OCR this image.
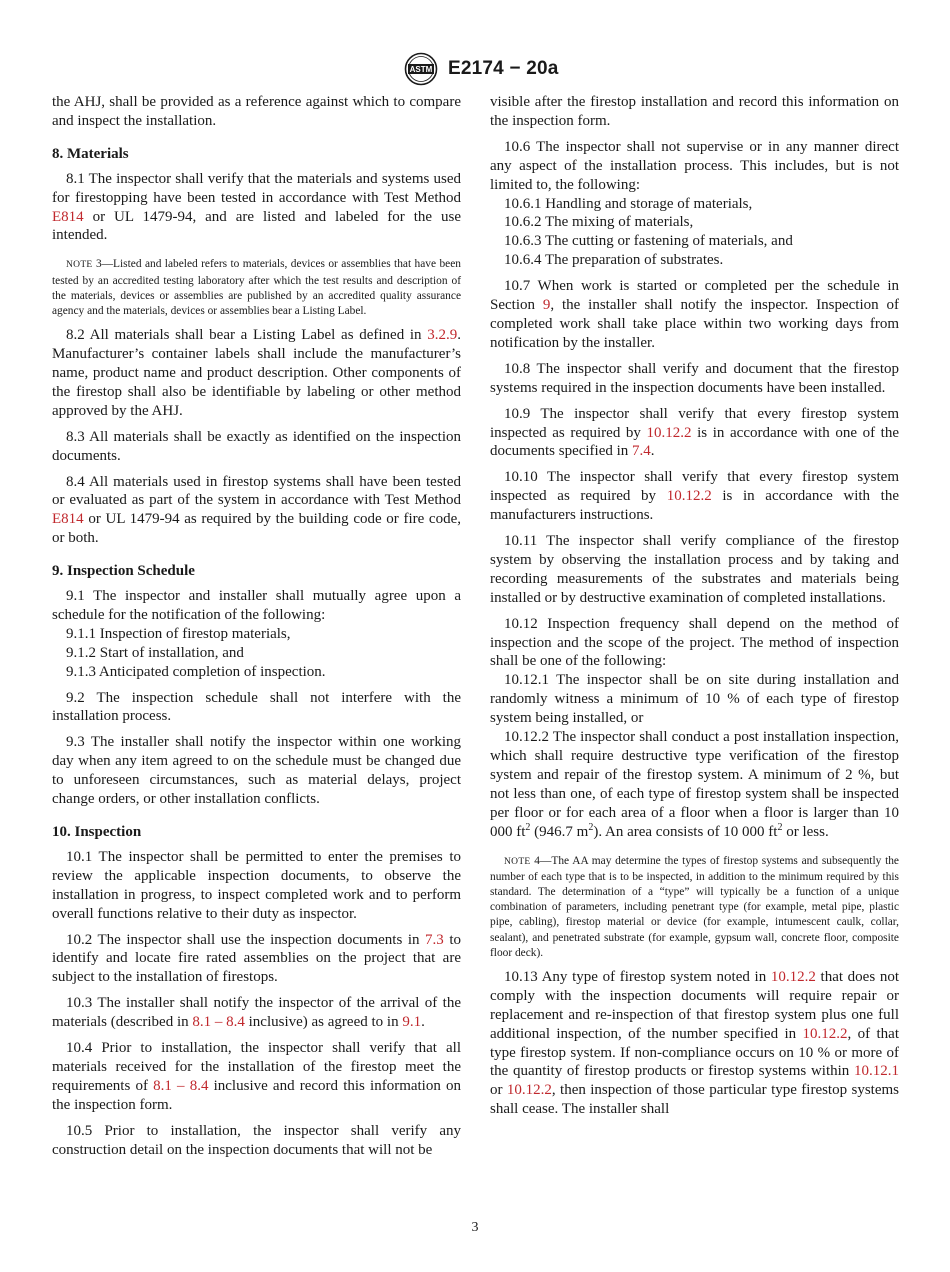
ASTM E2174 − 20a

the AHJ, shall be provided as a reference against which to compare and inspect the installation.

8. Materials

8.1 The inspector shall verify that the materials and systems used for firestopping have been tested in accordance with Test Method E814 or UL 1479-94, and are listed and labeled for the use intended.

NOTE 3—Listed and labeled refers to materials, devices or assemblies that have been tested by an accredited testing laboratory after which the test results and description of the materials, devices or assemblies are published by an accredited quality assurance agency and the materials, devices or assemblies bear a Listing Label.

8.2 All materials shall bear a Listing Label as defined in 3.2.9. Manufacturer’s container labels shall include the manufacturer’s name, product name and product description. Other components of the firestop shall also be identifiable by labeling or other method approved by the AHJ.

8.3 All materials shall be exactly as identified on the inspection documents.

8.4 All materials used in firestop systems shall have been tested or evaluated as part of the system in accordance with Test Method E814 or UL 1479-94 as required by the building code or fire code, or both.

9. Inspection Schedule

9.1 The inspector and installer shall mutually agree upon a schedule for the notification of the following:

9.1.1 Inspection of firestop materials,

9.1.2 Start of installation, and

9.1.3 Anticipated completion of inspection.

9.2 The inspection schedule shall not interfere with the installation process.

9.3 The installer shall notify the inspector within one working day when any item agreed to on the schedule must be changed due to unforeseen circumstances, such as material delays, project change orders, or other installation conflicts.

10. Inspection

10.1 The inspector shall be permitted to enter the premises to review the applicable inspection documents, to observe the installation in progress, to inspect completed work and to perform overall functions relative to their duty as inspector.

10.2 The inspector shall use the inspection documents in 7.3 to identify and locate fire rated assemblies on the project that are subject to the installation of firestops.

10.3 The installer shall notify the inspector of the arrival of the materials (described in 8.1 – 8.4 inclusive) as agreed to in 9.1.

10.4 Prior to installation, the inspector shall verify that all materials received for the installation of the firestop meet the requirements of 8.1 – 8.4 inclusive and record this information on the inspection form.

10.5 Prior to installation, the inspector shall verify any construction detail on the inspection documents that will not be

visible after the firestop installation and record this information on the inspection form.

10.6 The inspector shall not supervise or in any manner direct any aspect of the installation process. This includes, but is not limited to, the following:

10.6.1 Handling and storage of materials,

10.6.2 The mixing of materials,

10.6.3 The cutting or fastening of materials, and

10.6.4 The preparation of substrates.

10.7 When work is started or completed per the schedule in Section 9, the installer shall notify the inspector. Inspection of completed work shall take place within two working days from notification by the installer.

10.8 The inspector shall verify and document that the firestop systems required in the inspection documents have been installed.

10.9 The inspector shall verify that every firestop system inspected as required by 10.12.2 is in accordance with one of the documents specified in 7.4.

10.10 The inspector shall verify that every firestop system inspected as required by 10.12.2 is in accordance with the manufacturers instructions.

10.11 The inspector shall verify compliance of the firestop system by observing the installation process and by taking and recording measurements of the substrates and materials being installed or by destructive examination of completed installations.

10.12 Inspection frequency shall depend on the method of inspection and the scope of the project. The method of inspection shall be one of the following:

10.12.1 The inspector shall be on site during installation and randomly witness a minimum of 10 % of each type of firestop system being installed, or

10.12.2 The inspector shall conduct a post installation inspection, which shall require destructive type verification of the firestop system and repair of the firestop system. A minimum of 2 %, but not less than one, of each type of firestop system shall be inspected per floor or for each area of a floor when a floor is larger than 10 000 $ft^2$ (946.7 $m^2$). An area consists of 10 000 $ft^2$ or less.

NOTE 4—The AA may determine the types of firestop systems and subsequently the number of each type that is to be inspected, in addition to the minimum required by this standard. The determination of a “type” will typically be a function of a unique combination of parameters, including penetrant type (for example, metal pipe, plastic pipe, cabling), firestop material or device (for example, intumescent caulk, collar, sealant), and penetrated substrate (for example, gypsum wall, concrete floor, composite floor deck).

10.13 Any type of firestop system noted in 10.12.2 that does not comply with the inspection documents will require repair or replacement and re-inspection of that firestop system plus one full additional inspection, of the number specified in 10.12.2, of that type firestop system. If non-compliance occurs on 10 % or more of the quantity of firestop products or firestop systems within 10.12.1 or 10.12.2, then inspection of those particular type firestop systems shall cease. The installer shall

3
